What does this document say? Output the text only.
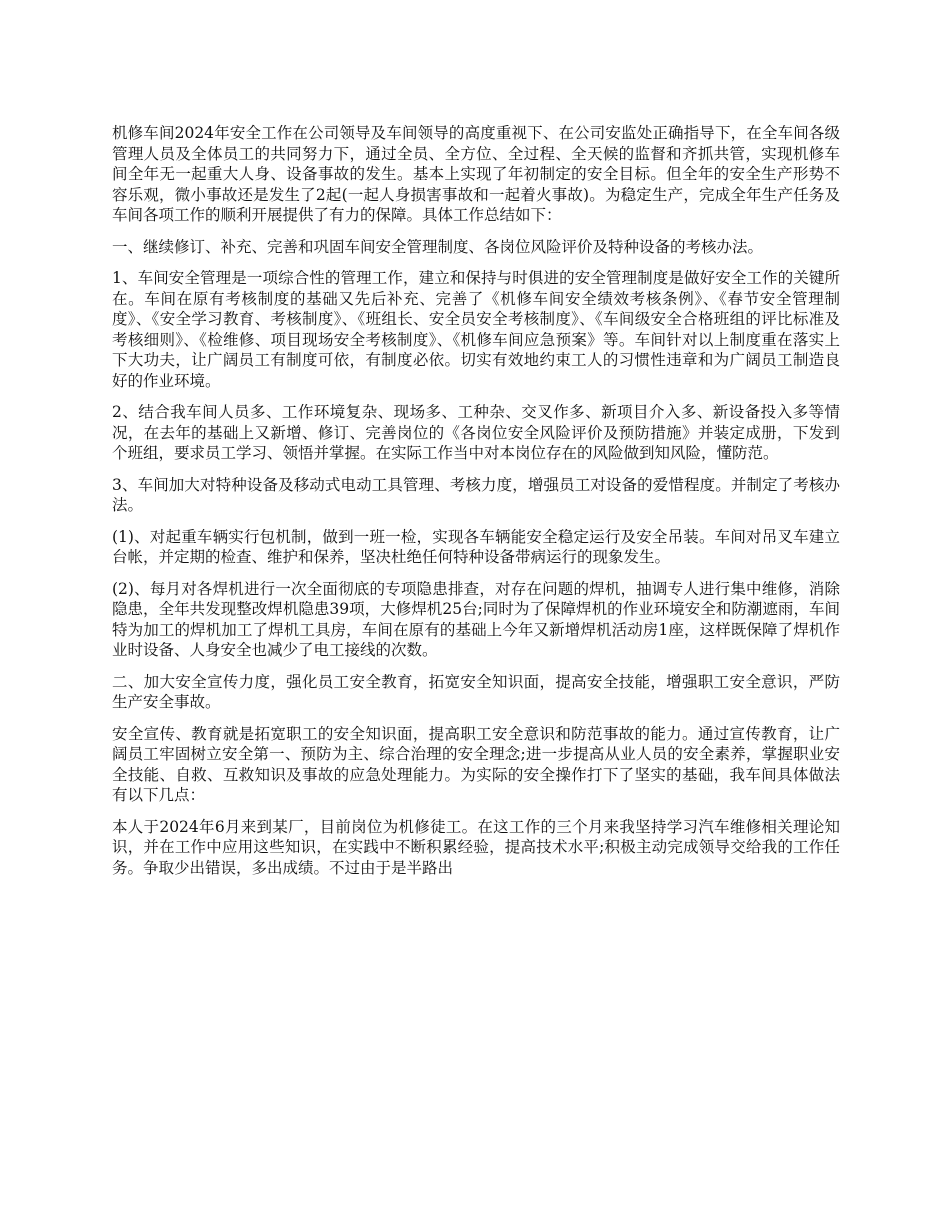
机修车间2024年安全工作在公司领导及车间领导的高度重视下、在公司安监处正确指导下，在全车间各级管理人员及全体员工的共同努力下，通过全员、全方位、全过程、全天候的监督和齐抓共管，实现机修车间全年无一起重大人身、设备事故的发生。基本上实现了年初制定的安全目标。但全年的安全生产形势不容乐观，微小事故还是发生了2起(一起人身损害事故和一起着火事故)。为稳定生产，完成全年生产任务及车间各项工作的顺利开展提供了有力的保障。具体工作总结如下：

一、继续修订、补充、完善和巩固车间安全管理制度、各岗位风险评价及特种设备的考核办法。

1、车间安全管理是一项综合性的管理工作，建立和保持与时俱进的安全管理制度是做好安全工作的关键所在。车间在原有考核制度的基础又先后补充、完善了《机修车间安全绩效考核条例》、《春节安全管理制度》、《安全学习教育、考核制度》、《班组长、安全员安全考核制度》、《车间级安全合格班组的评比标准及考核细则》、《检维修、项目现场安全考核制度》、《机修车间应急预案》等。车间针对以上制度重在落实上下大功夫，让广阔员工有制度可依，有制度必依。切实有效地约束工人的习惯性违章和为广阔员工制造良好的作业环境。

2、结合我车间人员多、工作环境复杂、现场多、工种杂、交叉作多、新项目介入多、新设备投入多等情况，在去年的基础上又新增、修订、完善岗位的《各岗位安全风险评价及预防措施》并装定成册，下发到个班组，要求员工学习、领悟并掌握。在实际工作当中对本岗位存在的风险做到知风险，懂防范。

3、车间加大对特种设备及移动式电动工具管理、考核力度，增强员工对设备的爱惜程度。并制定了考核办法。

(1)、对起重车辆实行包机制，做到一班一检，实现各车辆能安全稳定运行及安全吊装。车间对吊叉车建立台帐，并定期的检查、维护和保养，坚决杜绝任何特种设备带病运行的现象发生。

(2)、每月对各焊机进行一次全面彻底的专项隐患排查，对存在问题的焊机，抽调专人进行集中维修，消除隐患，全年共发现整改焊机隐患39项，大修焊机25台;同时为了保障焊机的作业环境安全和防潮遮雨，车间特为加工的焊机加工了焊机工具房，车间在原有的基础上今年又新增焊机活动房1座，这样既保障了焊机作业时设备、人身安全也减少了电工接线的次数。

二、加大安全宣传力度，强化员工安全教育，拓宽安全知识面，提高安全技能，增强职工安全意识，严防生产安全事故。

安全宣传、教育就是拓宽职工的安全知识面，提高职工安全意识和防范事故的能力。通过宣传教育，让广阔员工牢固树立安全第一、预防为主、综合治理的安全理念;进一步提高从业人员的安全素养，掌握职业安全技能、自救、互救知识及事故的应急处理能力。为实际的安全操作打下了坚实的基础，我车间具体做法有以下几点：

本人于2024年6月来到某厂，目前岗位为机修徒工。在这工作的三个月来我坚持学习汽车维修相关理论知识，并在工作中应用这些知识，在实践中不断积累经验，提高技术水平;积极主动完成领导交给我的工作任务。争取少出错误，多出成绩。不过由于是半路出
